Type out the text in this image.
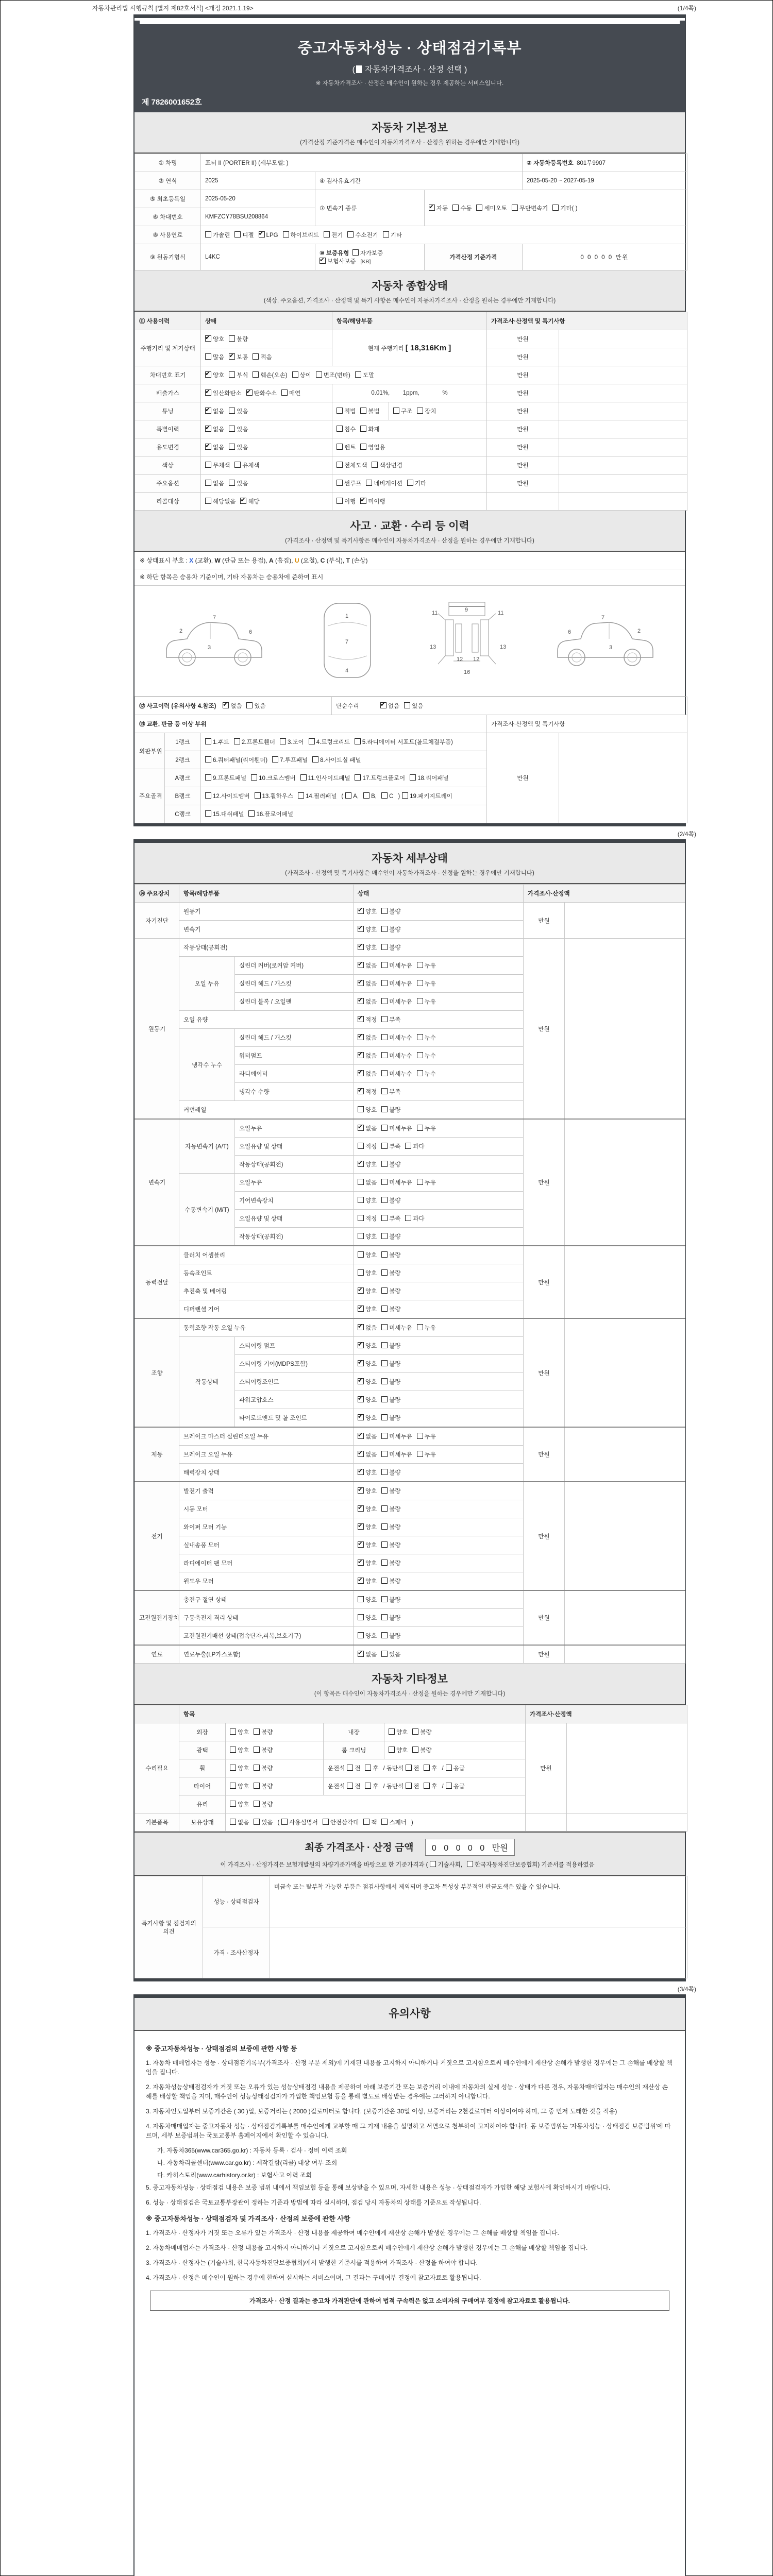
자동차관리법 시행규칙 [별지 제82호서식] <개정 2021.1.19>	(1/4쪽)
중고자동차성능 · 상태점검기록부
( 자동차가격조사 · 산정 선택 )
※ 자동차가격조사 · 산정은 매수인이 원하는 경우 제공하는 서비스입니다.
제 7826001652호
자동차 기본정보
(가격산정 기준가격은 매수인이 자동차가격조사 · 산정을 원하는 경우에만 기재합니다)
① 차명	포터 II (PORTER II) (세부모델: )			② 자동차등록번호 801무9907
③ 연식	2025	④ 검사유효기간		2025-05-20 ~ 2027-05-19
⑤ 최초등록일	2025-05-20	⑦ 변속기 종류	✔자동 수동 세미오토 무단변속기 기타( )
⑥ 차대번호	KMFZCY78BSU208864			
⑧ 사용연료	가솔린 디젤 ✔ LPG 하이브리드 전기 수소전기 기타
⑨ 원동기형식	L4KC	⑩ 보증유형 자가보증✔보험사보증 [KB]	가격산정 기준가격	0 0 0 0 0 만원
자동차 종합상태
(색상, 주요옵션, 가격조사 · 산정액 및 특기 사항은 매수인이 자동차가격조사 · 산정을 원하는 경우에만 기재합니다)
⑪ 사용이력	상태	항목/해당부품		가격조사·산정액 및 특기사항	
주행거리 및 계기상태	✔양호 불량	현재 주행거리 [ 18,316Km ]		만원	
	많음 ✔ 보통 적음			만원	
차대번호 표기	✔양호 부식 훼손(오손) 상이 변조(변타) 도말			만원	
배출가스	✔일산화탄소 ✔ 탄화수소 매연	0.01%,        1ppm,              %		만원	
튜닝	✔없음 있음	적법 불법	구조 장치	만원	
특별이력	✔없음 있음	침수 화재		만원	
용도변경	✔없음 있음	렌트 영업용		만원	
색상	무채색 유채색	전체도색 색상변경		만원	
주요옵션	없음 있음	썬루프 네비게이션 기타		만원	
리콜대상	해당없음 ✔ 해당	이행 ✔ 미이행		
사고 · 교환 · 수리 등 이력
(가격조사 · 산정액 및 특기사항은 매수인이 자동차가격조사 · 산정을 원하는 경우에만 기재합니다)
※ 상태표시 부호 : X (교환), W (판금 또는 용접), A (흠집), U (요철), C (부식), T (손상)
※ 하단 항목은 승용차 기준이며, 기타 자동차는 승용차에 준하여 표시
2
7
6
3
1
7
4
11	11
13	13
12 12
9
16
2
7
6
3
⑫ 사고이력 (유의사항 4.참조) ✔ 없음 있음			단순수리 ✔ 없음 있음
⑬ 교환, 판금 등 이상 부위				가격조사·산정액 및 특기사항	
외판부위	1랭크	1.후드 2.프론트휀더 3.도어 4.트렁크리드 5.라디에이터 서포트(볼트체결부품)		만원	
	2랭크	6.쿼터패널(리어휀더) 7.루프패널 8.사이드실 패널			
주요골격	A랭크	9.프론트패널 10.크로스멤버 11.인사이드패널 17.트렁크플로어 18.리어패널			
	B랭크	12.사이드멤버 13.휠하우스 14.필러패널 ( A, B, C ) 19.패키지트레이			
	C랭크	15.대쉬패널 16.플로어패널			
(2/4쪽)
자동차 세부상태
(가격조사 · 산정액 및 특기사항은 매수인이 자동차가격조사 · 산정을 원하는 경우에만 기재합니다)
⑭ 주요장치	항목/해당부품		상태	가격조사·산정액	
자기진단	원동기	✔양호 불량	만원	
	변속기	✔양호 불량
원동기	작동상태(공회전)	✔양호 불량	만원	
	오일 누유	실린더 커버(로커암 커버)	✔없음 미세누유 누유
		실린더 헤드 / 개스킷	✔없음 미세누유 누유
		실린더 블록 / 오일팬	✔없음 미세누유 누유
	오일 유량	✔적정 부족
	냉각수 누수	실린더 헤드 / 개스킷	✔없음 미세누수 누수
		워터펌프	✔없음 미세누수 누수
		라디에이터	✔없음 미세누수 누수
		냉각수 수량	✔적정 부족
	커먼레일		양호 불량		
변속기	자동변속기 (A/T)	오일누유	✔없음 미세누유 누유	만원	
		오일유량 및 상태	적정 부족 과다		
		작동상태(공회전)	✔양호 불량
	수동변속기 (M/T)	오일누유	없음 미세누유 누유		
		기어변속장치	양호 불량		
		오일유량 및 상태	적정 부족 과다		
		작동상태(공회전)	양호 불량		
동력전달	클러치 어셈블리		양호 불량	만원	
	등속죠인트		양호 불량		
	추진축 및 베어링	✔양호 불량
	디퍼렌셜 기어	✔양호 불량
조향	동력조향 작동 오일 누유	✔없음 미세누유 누유	만원	
	작동상태	스티어링 펌프	✔양호 불량
		스티어링 기어(MDPS포함)	✔양호 불량
		스티어링조인트	✔양호 불량
		파워고압호스	✔양호 불량
		타이로드엔드 및 볼 조인트	✔양호 불량
제동	브레이크 마스터 실린더오일 누유	✔없음 미세누유 누유	만원	
	브레이크 오일 누유	✔없음 미세누유 누유
	배력장치 상태	✔양호 불량
전기	발전기 출력	✔양호 불량	만원	
	시동 모터	✔양호 불량
	와이퍼 모터 기능	✔양호 불량
	실내송풍 모터	✔양호 불량
	라디에이터 팬 모터	✔양호 불량
	윈도우 모터	✔양호 불량
고전원전기장치	충전구 절연 상태		양호 불량	만원	
	구동축전지 격리 상태		양호 불량		
	고전원전기배선 상태(접속단자,피복,보호기구)		양호 불량		
연료	연료누출(LP가스포함)	✔없음 있음	만원	
자동차 기타정보
(이 항목은 매수인이 자동차가격조사 · 산정을 원하는 경우에만 기재합니다)
	항목				가격조사·산정액	
수리필요	외장	양호 불량	내장	양호 불량	만원	
	광택	양호 불량	룸 크리닝	양호 불량		
	휠	양호 불량	운전석 전 후 / 동반석 전 후 / 응급			
	타이어	양호 불량	운전석 전 후 / 동반석 전 후 / 응급			
	유리	양호 불량				
기본품목	보유상태	없음 있음 ( 사용설명서 안전삼각대 잭 스패너 )				
최종 가격조사 · 산정 금액 0 0 0 0 0 만원
이 가격조사 · 산정가격은 보험개발원의 차량기준가액을 바탕으로 한 기준가격과 ( 기술사회, 한국자동차진단보증협회) 기준서를 적용하였음
특기사항 및 점검자의 의견	성능 · 상태점검자	비금속 또는 탈부착 가능한 부품은 점검사항에서 제외되며 중고차 특성상 부분적인 판금도색은 있을 수 있습니다.
	가격 · 조사산정자	
(3/4쪽)
유의사항
※ 중고자동차성능 · 상태점검의 보증에 관한 사항 등

1. 자동차 매매업자는 성능 · 상태점검기록부(가격조사 · 산정 부분 제외)에 기재된 내용을 고지하지 아니하거나 거짓으로 고지함으로써 매수인에게 재산상 손해가 발생한 경우에는 그 손해를 배상할 책임을 집니다.

2. 자동차성능상태점검자가 거짓 또는 오류가 있는 성능상태점검 내용을 제공하여 아래 보증기간 또는 보증거리 이내에 자동차의 실제 성능 · 상태가 다른 경우, 자동차매매업자는 매수인의 재산상 손해를 배상할 책임을 지며, 매수인이 성능상태점검자가 가입한 책임보험 등을 통해 별도로 배상받는 경우에는 그러하지 아니합니다.

3. 자동차인도일부터 보증기간은 ( 30 )일, 보증거리는 ( 2000 )킬로미터로 합니다. (보증기간은 30일 이상, 보증거리는 2천킬로미터 이상이어야 하며, 그 중 먼저 도래한 것을 적용)

4. 자동차매매업자는 중고자동차 성능 · 상태점검기록부를 매수인에게 교부할 때 그 기재 내용을 설명하고 서면으로 첨부하여 고지하여야 합니다. 동 보증범위는 '자동차성능 · 상태점검 보증범위'에 따르며, 세부 보증범위는 국토교통부 홈페이지에서 확인할 수 있습니다.

가. 자동차365(www.car365.go.kr) : 자동차 등록 · 검사 · 정비 이력 조회

나. 자동차리콜센터(www.car.go.kr) : 제작결함(리콜) 대상 여부 조회

다. 카히스토리(www.carhistory.or.kr) : 보험사고 이력 조회

5. 중고자동차성능 · 상태점검 내용은 보증 범위 내에서 책임보험 등을 통해 보상받을 수 있으며, 자세한 내용은 성능 · 상태점검자가 가입한 해당 보험사에 확인하시기 바랍니다.

6. 성능 · 상태점검은 국토교통부장관이 정하는 기준과 방법에 따라 실시하며, 점검 당시 자동차의 상태를 기준으로 작성됩니다.

※ 중고자동차성능 · 상태점검자 및 가격조사 · 산정의 보증에 관한 사항

1. 가격조사 · 산정자가 거짓 또는 오류가 있는 가격조사 · 산정 내용을 제공하여 매수인에게 재산상 손해가 발생한 경우에는 그 손해를 배상할 책임을 집니다.

2. 자동차매매업자는 가격조사 · 산정 내용을 고지하지 아니하거나 거짓으로 고지함으로써 매수인에게 재산상 손해가 발생한 경우에는 그 손해를 배상할 책임을 집니다.

3. 가격조사 · 산정자는 (기술사회, 한국자동차진단보증협회)에서 발행한 기준서를 적용하여 가격조사 · 산정을 하여야 합니다.

4. 가격조사 · 산정은 매수인이 원하는 경우에 한하여 실시하는 서비스이며, 그 결과는 구매여부 결정에 참고자료로 활용됩니다.

가격조사 · 산정 결과는 중고차 가격판단에 관하여 법적 구속력은 없고 소비자의 구매여부 결정에 참고자료로 활용됩니다.
